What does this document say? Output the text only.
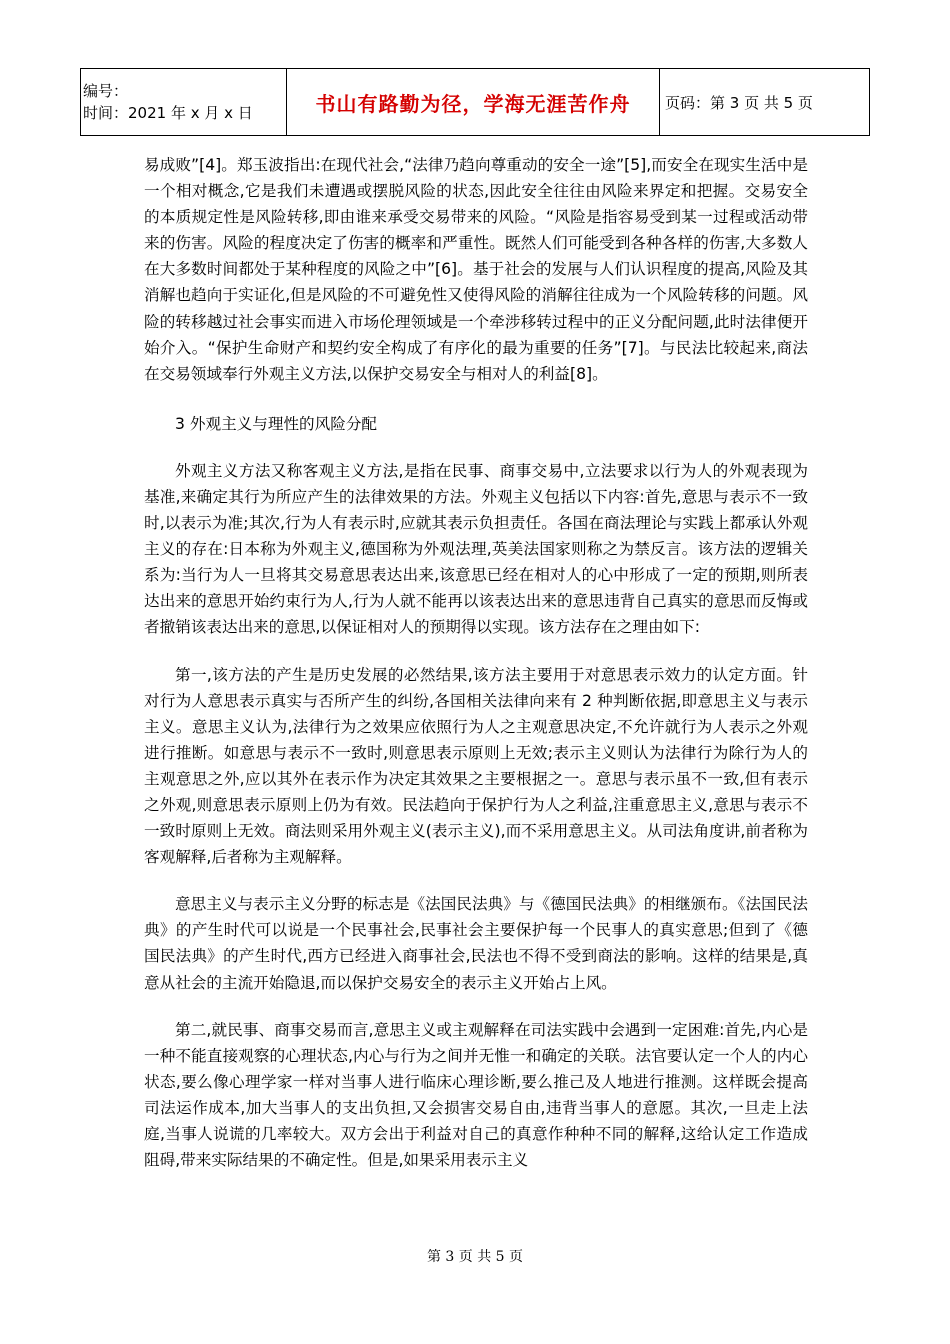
编号：
时间：2021 年 x 月 x 日	书山有路勤为径，学海无涯苦作舟	页码：第 3 页 共 5 页

易成败”[4]。郑玉波指出:在现代社会,“法律乃趋向尊重动的安全一途”[5],而安全在现实生活中是一个相对概念,它是我们未遭遇或摆脱风险的状态,因此安全往往由风险来界定和把握。交易安全的本质规定性是风险转移,即由谁来承受交易带来的风险。“风险是指容易受到某一过程或活动带来的伤害。风险的程度决定了伤害的概率和严重性。既然人们可能受到各种各样的伤害,大多数人在大多数时间都处于某种程度的风险之中”[6]。基于社会的发展与人们认识程度的提高,风险及其消解也趋向于实证化,但是风险的不可避免性又使得风险的消解往往成为一个风险转移的问题。风险的转移越过社会事实而进入市场伦理领域是一个牵涉移转过程中的正义分配问题,此时法律便开始介入。“保护生命财产和契约安全构成了有序化的最为重要的任务”[7]。与民法比较起来,商法在交易领域奉行外观主义方法,以保护交易安全与相对人的利益[8]。

3 外观主义与理性的风险分配

外观主义方法又称客观主义方法,是指在民事、商事交易中,立法要求以行为人的外观表现为基准,来确定其行为所应产生的法律效果的方法。外观主义包括以下内容:首先,意思与表示不一致时,以表示为准;其次,行为人有表示时,应就其表示负担责任。各国在商法理论与实践上都承认外观主义的存在:日本称为外观主义,德国称为外观法理,英美法国家则称之为禁反言。该方法的逻辑关系为:当行为人一旦将其交易意思表达出来,该意思已经在相对人的心中形成了一定的预期,则所表达出来的意思开始约束行为人,行为人就不能再以该表达出来的意思违背自己真实的意思而反悔或者撤销该表达出来的意思,以保证相对人的预期得以实现。该方法存在之理由如下:

第一,该方法的产生是历史发展的必然结果,该方法主要用于对意思表示效力的认定方面。针对行为人意思表示真实与否所产生的纠纷,各国相关法律向来有 2 种判断依据,即意思主义与表示主义。意思主义认为,法律行为之效果应依照行为人之主观意思决定,不允许就行为人表示之外观进行推断。如意思与表示不一致时,则意思表示原则上无效;表示主义则认为法律行为除行为人的主观意思之外,应以其外在表示作为决定其效果之主要根据之一。意思与表示虽不一致,但有表示之外观,则意思表示原则上仍为有效。民法趋向于保护行为人之利益,注重意思主义,意思与表示不一致时原则上无效。商法则采用外观主义(表示主义),而不采用意思主义。从司法角度讲,前者称为客观解释,后者称为主观解释。

意思主义与表示主义分野的标志是《法国民法典》与《德国民法典》的相继颁布。《法国民法典》的产生时代可以说是一个民事社会,民事社会主要保护每一个民事人的真实意思;但到了《德国民法典》的产生时代,西方已经进入商事社会,民法也不得不受到商法的影响。这样的结果是,真意从社会的主流开始隐退,而以保护交易安全的表示主义开始占上风。

第二,就民事、商事交易而言,意思主义或主观解释在司法实践中会遇到一定困难:首先,内心是一种不能直接观察的心理状态,内心与行为之间并无惟一和确定的关联。法官要认定一个人的内心状态,要么像心理学家一样对当事人进行临床心理诊断,要么推己及人地进行推测。这样既会提高司法运作成本,加大当事人的支出负担,又会损害交易自由,违背当事人的意愿。其次,一旦走上法庭,当事人说谎的几率较大。双方会出于利益对自己的真意作种种不同的解释,这给认定工作造成阻碍,带来实际结果的不确定性。但是,如果采用表示主义

第 3 页 共 5 页
